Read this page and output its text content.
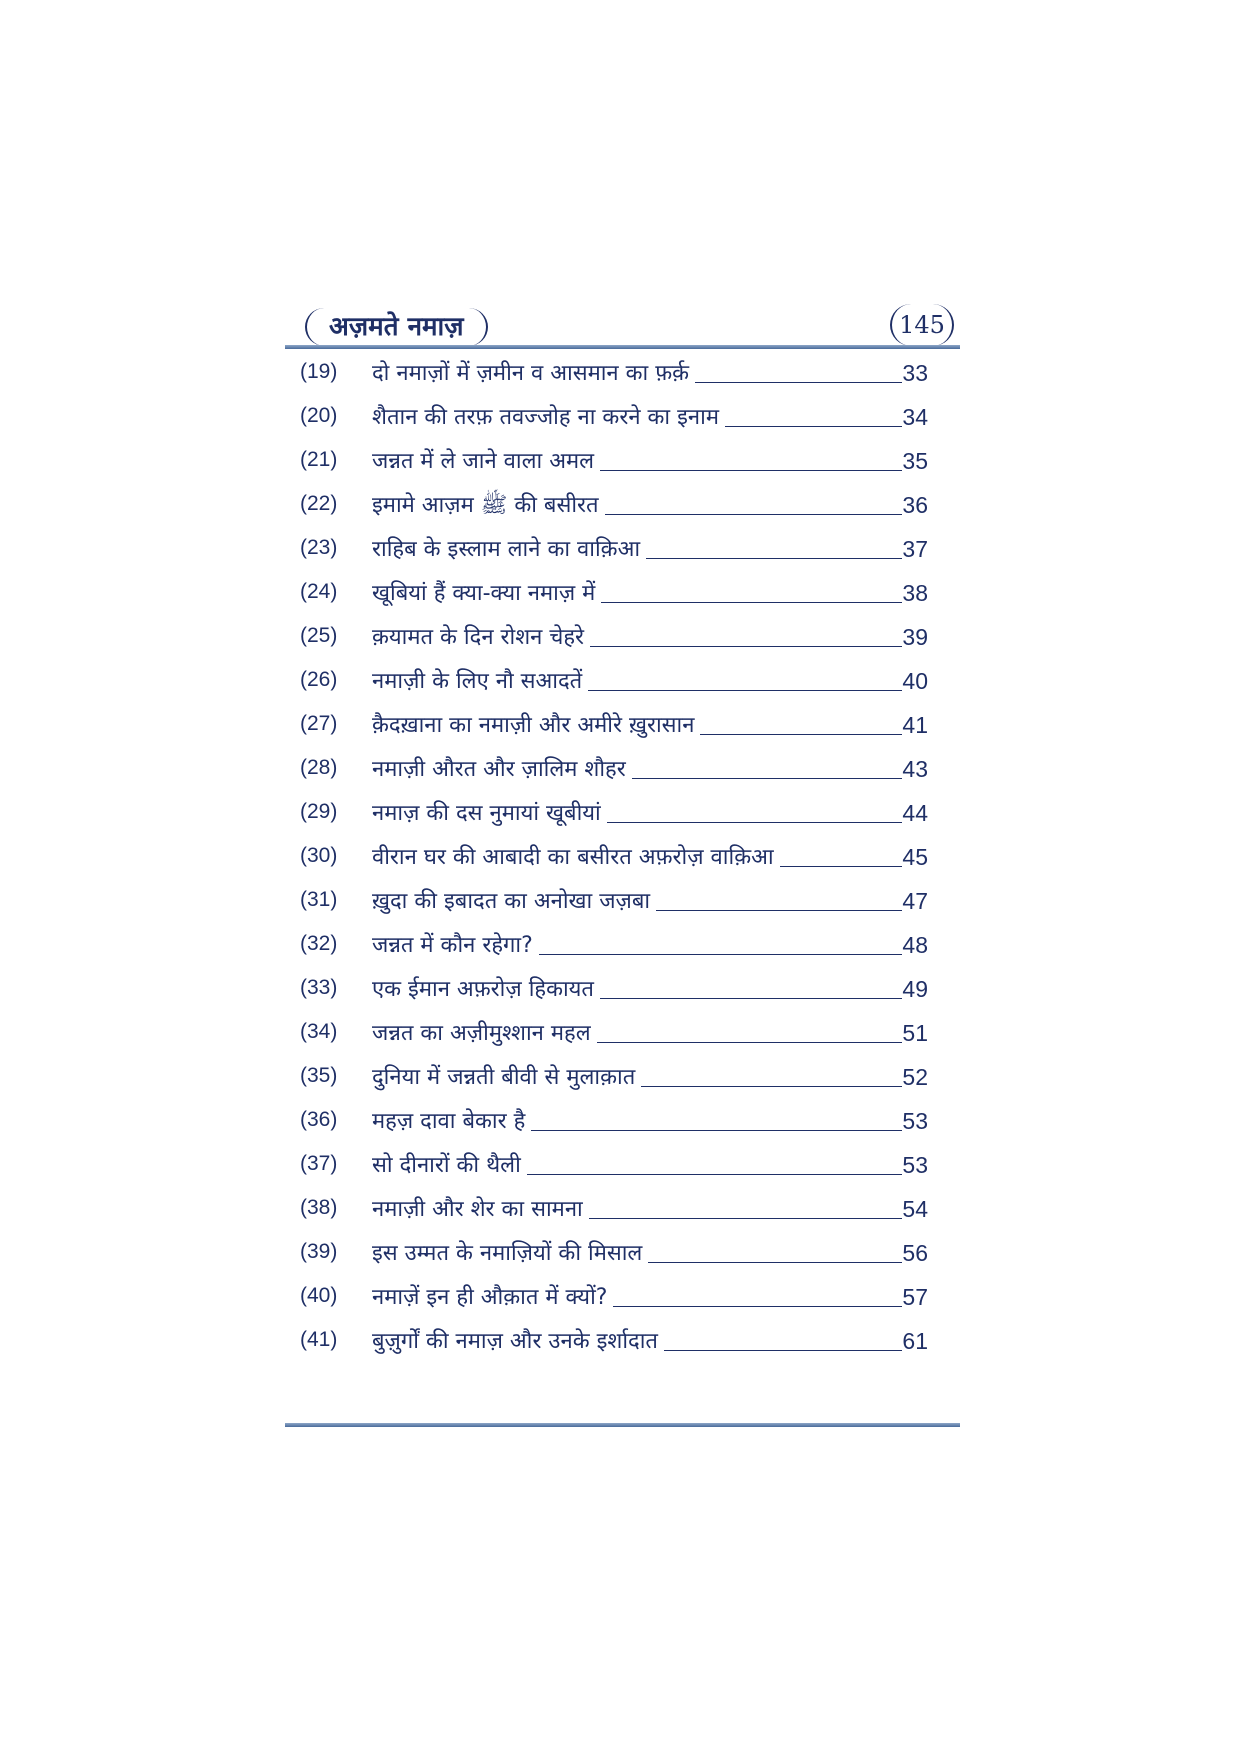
अज़मते नमाज़	145
(19)	दो नमाज़ों में ज़मीन व आसमान का फ़र्क़	33
(20)	शैतान की तरफ़ तवज्जोह ना करने का इनाम	34
(21)	जन्नत में ले जाने वाला अमल	35
(22)	इमामे आज़म ﷺ की बसीरत	36
(23)	राहिब के इस्लाम लाने का वाक़िआ	37
(24)	खूबियां हैं क्या-क्या नमाज़ में	38
(25)	क़यामत के दिन रोशन चेहरे	39
(26)	नमाज़ी के लिए नौ सआदतें	40
(27)	क़ैदख़ाना का नमाज़ी और अमीरे ख़ुरासान	41
(28)	नमाज़ी औरत और ज़ालिम शौहर	43
(29)	नमाज़ की दस नुमायां खूबीयां	44
(30)	वीरान घर की आबादी का बसीरत अफ़रोज़ वाक़िआ	45
(31)	ख़ुदा की इबादत का अनोखा जज़बा	47
(32)	जन्नत में कौन रहेगा?	48
(33)	एक ईमान अफ़रोज़ हिकायत	49
(34)	जन्नत का अज़ीमुश्शान महल	51
(35)	दुनिया में जन्नती बीवी से मुलाक़ात	52
(36)	महज़ दावा बेकार है	53
(37)	सो दीनारों की थैली	53
(38)	नमाज़ी और शेर का सामना	54
(39)	इस उम्मत के नमाज़ियों की मिसाल	56
(40)	नमाज़ें इन ही औक़ात में क्यों?	57
(41)	बुज़ुर्गों की नमाज़ और उनके इर्शादात	61
